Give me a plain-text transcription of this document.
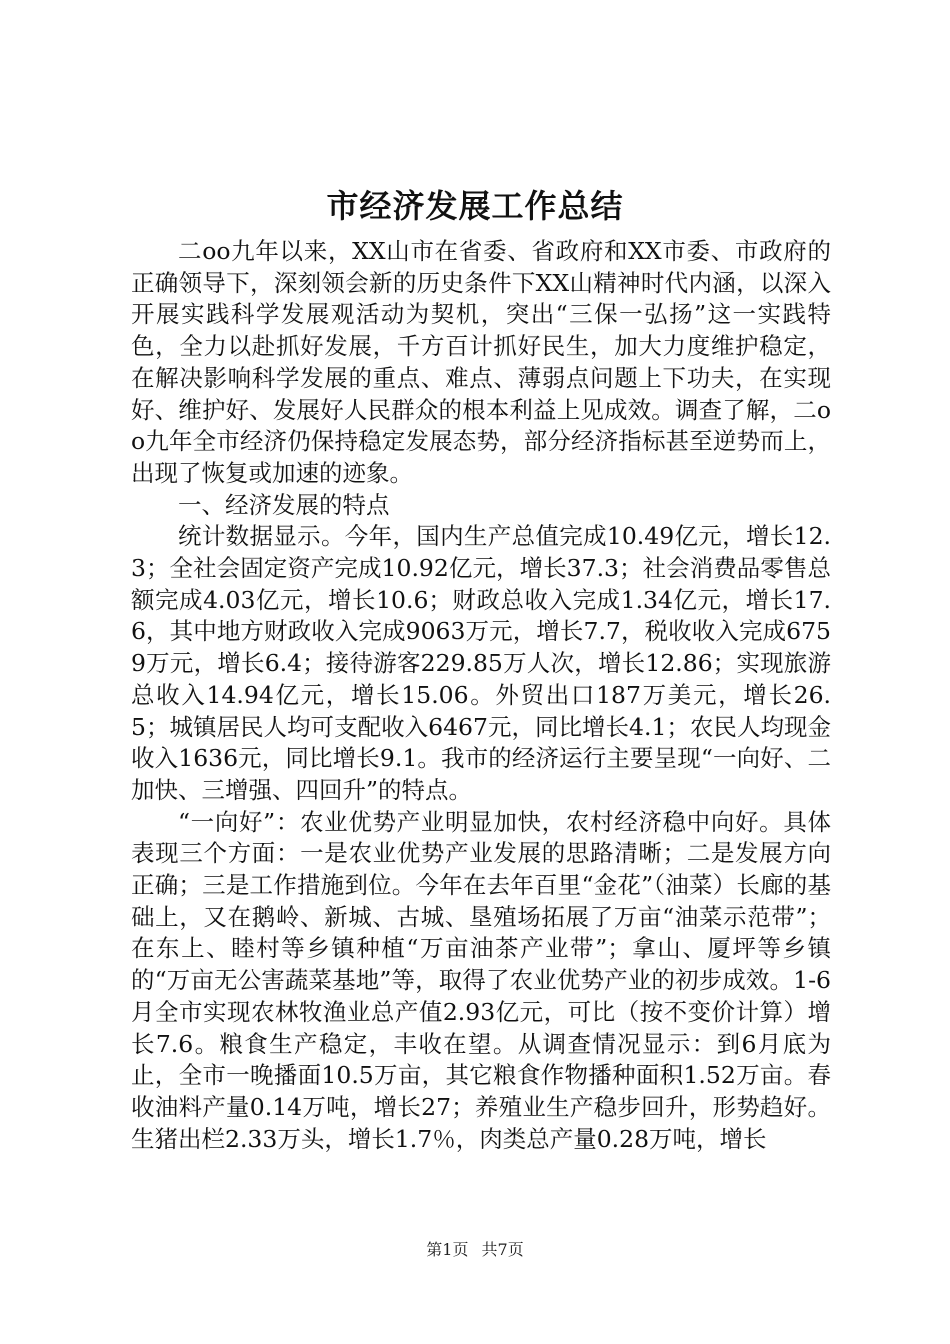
市经济发展工作总结

二oo九年以来，XX山市在省委、省政府和XX市委、市政府的正确领导下，深刻领会新的历史条件下XX山精神时代内涵，以深入开展实践科学发展观活动为契机，突出“三保一弘扬”这一实践特色，全力以赴抓好发展，千方百计抓好民生，加大力度维护稳定，在解决影响科学发展的重点、难点、薄弱点问题上下功夫，在实现好、维护好、发展好人民群众的根本利益上见成效。调查了解，二oo九年全市经济仍保持稳定发展态势，部分经济指标甚至逆势而上，出现了恢复或加速的迹象。

一、经济发展的特点

统计数据显示。今年，国内生产总值完成10.49亿元，增长12.3；全社会固定资产完成10.92亿元，增长37.3；社会消费品零售总额完成4.03亿元，增长10.6；财政总收入完成1.34亿元，增长17.6，其中地方财政收入完成9063万元，增长7.7，税收收入完成6759万元，增长6.4；接待游客229.85万人次，增长12.86；实现旅游总收入14.94亿元，增长15.06。外贸出口187万美元，增长26.5；城镇居民人均可支配收入6467元，同比增长4.1；农民人均现金收入1636元，同比增长9.1。我市的经济运行主要呈现“一向好、二加快、三增强、四回升”的特点。

“一向好”：农业优势产业明显加快，农村经济稳中向好。具体表现三个方面：一是农业优势产业发展的思路清晰；二是发展方向正确；三是工作措施到位。今年在去年百里“金花”（油菜）长廊的基础上，又在鹅岭、新城、古城、垦殖场拓展了万亩“油菜示范带”；在东上、睦村等乡镇种植“万亩油茶产业带”；拿山、厦坪等乡镇的“万亩无公害蔬菜基地”等，取得了农业优势产业的初步成效。1-6月全市实现农林牧渔业总产值2.93亿元，可比（按不变价计算）增长7.6。粮食生产稳定，丰收在望。从调查情况显示：到6月底为止，全市一晚播面10.5万亩，其它粮食作物播种面积1.52万亩。春收油料产量0.14万吨，增长27；养殖业生产稳步回升，形势趋好。生猪出栏2.33万头，增长1.7％，肉类总产量0.28万吨，增长

第1页 共7页
